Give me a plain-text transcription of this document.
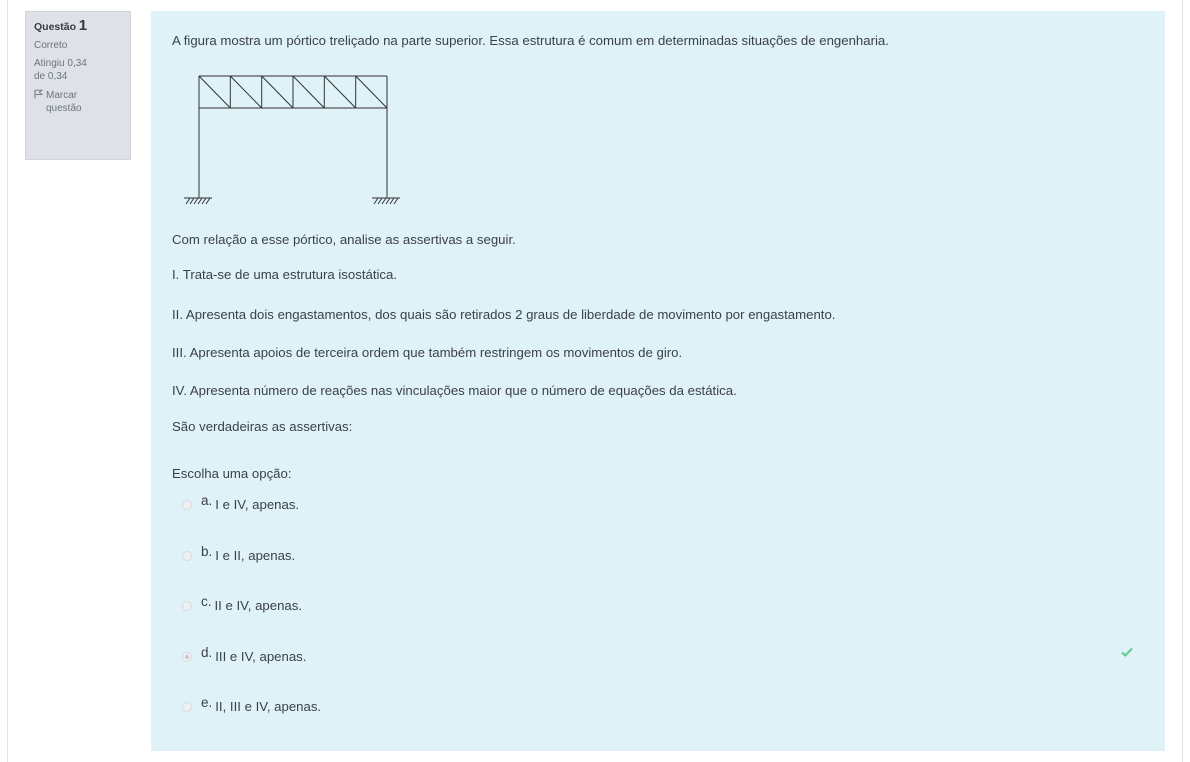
Questão 1
Correto
Atingiu 0,34
de 0,34
Marcar
questão
A figura mostra um pórtico treliçado na parte superior. Essa estrutura é comum em determinadas situações de engenharia.
Com relação a esse pórtico, analise as assertivas a seguir.
I. Trata-se de uma estrutura isostática.
II. Apresenta dois engastamentos, dos quais são retirados 2 graus de liberdade de movimento por engastamento.
III. Apresenta apoios de terceira ordem que também restringem os movimentos de giro.
IV. Apresenta número de reações nas vinculações maior que o número de equações da estática.
São verdadeiras as assertivas:
Escolha uma opção:
a. I e IV, apenas.
b. I e II, apenas.
c. II e IV, apenas.
d. III e IV, apenas.
e. II, III e IV, apenas.
